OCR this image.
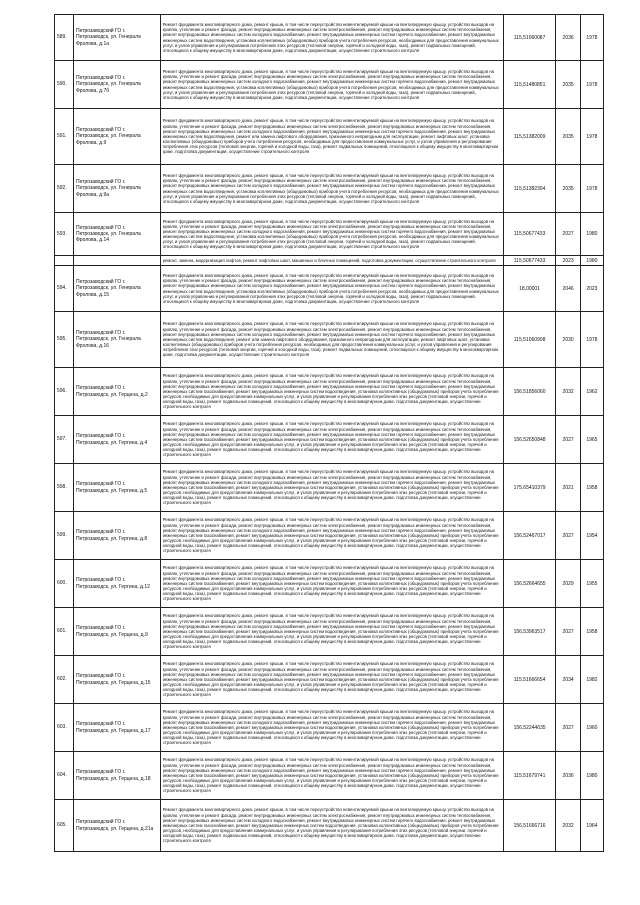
589.	Петрозаводский ГО г. Петрозаводск, ул. Генерала Фролова, д.1а	Ремонт фундамента многоквартирного дома, ремонт крыши, в том числе переустройство невентилируемой крыши на вентилируемую крышу, устройство выходов на кровлю, утепление и ремонт фасада, ремонт внутридомовых инженерных систем электроснабжения, ремонт внутридомовых инженерных систем теплоснабжения, ремонт внутридомовых инженерных систем холодного водоснабжения, ремонт внутридомовых инженерных систем горячего водоснабжения, ремонт внутридомовых инженерных систем водоотведения, установка коллективных (общедомовых) приборов учета потребления ресурсов, необходимых для предоставления коммунальных услуг, и узлов управления и регулирования потребления этих ресурсов (тепловой энергии, горячей и холодной воды, газа), ремонт подвальных помещений, относящихся к общему имуществу в многоквартирном доме, подготовка документации, осуществление строительного контроля	115,51060087	2036	1978
590.	Петрозаводский ГО г. Петрозаводск, ул. Генерала Фролова, д.7б	Ремонт фундамента многоквартирного дома, ремонт крыши, в том числе переустройство невентилируемой крыши на вентилируемую крышу, устройство выходов на кровлю, утепление и ремонт фасада, ремонт внутридомовых инженерных систем электроснабжения, ремонт внутридомовых инженерных систем теплоснабжения, ремонт внутридомовых инженерных систем холодного водоснабжения, ремонт внутридомовых инженерных систем горячего водоснабжения, ремонт внутридомовых инженерных систем водоотведения, установка коллективных (общедомовых) приборов учета потребления ресурсов, необходимых для предоставления коммунальных услуг, и узлов управления и регулирования потребления этих ресурсов (тепловой энергии, горячей и холодной воды, газа), ремонт подвальных помещений, относящихся к общему имуществу в многоквартирном доме, подготовка документации, осуществление строительного контроля	115,51480851	2035	1978
591.	Петрозаводский ГО г. Петрозаводск, ул. Генерала Фролова, д.9	Ремонт фундамента многоквартирного дома, ремонт крыши, в том числе переустройство невентилируемой крыши на вентилируемую крышу, устройство выходов на кровлю, утепление и ремонт фасада, ремонт внутридомовых инженерных систем электроснабжения, ремонт внутридомовых инженерных систем теплоснабжения, ремонт внутридомовых инженерных систем холодного водоснабжения, ремонт внутридомовых инженерных систем горячего водоснабжения, ремонт внутридомовых инженерных систем водоотведения, ремонт или замена лифтового оборудования, признанного непригодным для эксплуатации, ремонт лифтовых шахт, установка коллективных (общедомовых) приборов учета потребления ресурсов, необходимых для предоставления коммунальных услуг, и узлов управления и регулирования потребления этих ресурсов (тепловой энергии, горячей и холодной воды, газа), ремонт подвальных помещений, относящихся к общему имуществу в многоквартирном доме, подготовка документации, осуществление строительного контроля	115,51382009	2035	1978
592.	Петрозаводский ГО г. Петрозаводск, ул. Генерала Фролова, д.9а	Ремонт фундамента многоквартирного дома, ремонт крыши, в том числе переустройство невентилируемой крыши на вентилируемую крышу, устройство выходов на кровлю, утепление и ремонт фасада, ремонт внутридомовых инженерных систем электроснабжения, ремонт внутридомовых инженерных систем теплоснабжения, ремонт внутридомовых инженерных систем холодного водоснабжения, ремонт внутридомовых инженерных систем горячего водоснабжения, ремонт внутридомовых инженерных систем водоотведения, установка коллективных (общедомовых) приборов учета потребления ресурсов, необходимых для предоставления коммунальных услуг, и узлов управления и регулирования потребления этих ресурсов (тепловой энергии, горячей и холодной воды, газа), ремонт подвальных помещений, относящихся к общему имуществу в многоквартирном доме, подготовка документации, осуществление строительного контроля	115,51382304	2035	1978
593.	Петрозаводский ГО г. Петрозаводск, ул. Генерала Фролова, д.14	Ремонт фундамента многоквартирного дома, ремонт крыши, в том числе переустройство невентилируемой крыши на вентилируемую крышу, устройство выходов на кровлю, утепление и ремонт фасада, ремонт внутридомовых инженерных систем электроснабжения, ремонт внутридомовых инженерных систем теплоснабжения, ремонт внутридомовых инженерных систем холодного водоснабжения, ремонт внутридомовых инженерных систем горячего водоснабжения, ремонт внутридомовых инженерных систем водоотведения, установка коллективных (общедомовых) приборов учета потребления ресурсов, необходимых для предоставления коммунальных услуг, и узлов управления и регулирования потребления этих ресурсов (тепловой энергии, горячей и холодной воды, газа), ремонт подвальных помещений, относящихся к общему имуществу в многоквартирном доме, подготовка документации, осуществление строительного контроля	115,50677433	2027	1980

		ремонт, замена, модернизация лифтов, ремонт лифтовых шахт, машинных и блочных помещений, подготовка документации, осуществление строительного контроля	115,50677433	2023	1980
594.	Петрозаводский ГО г. Петрозаводск, ул. Генерала Фролова, д.15	Ремонт фундамента многоквартирного дома, ремонт крыши, в том числе переустройство невентилируемой крыши на вентилируемую крышу, устройство выходов на кровлю, утепление и ремонт фасада, ремонт внутридомовых инженерных систем электроснабжения, ремонт внутридомовых инженерных систем теплоснабжения, ремонт внутридомовых инженерных систем холодного водоснабжения, ремонт внутридомовых инженерных систем горячего водоснабжения, ремонт внутридомовых инженерных систем водоотведения, установка коллективных (общедомовых) приборов учета потребления ресурсов, необходимых для предоставления коммунальных услуг, и узлов управления и регулирования потребления этих ресурсов (тепловой энергии, горячей и холодной воды, газа), ремонт подвальных помещений, относящихся к общему имуществу в многоквартирном доме, подготовка документации, осуществление строительного контроля	18,00001	2046	2023
595.	Петрозаводский ГО г. Петрозаводск, ул. Генерала Фролова, д.16	Ремонт фундамента многоквартирного дома, ремонт крыши, в том числе переустройство невентилируемой крыши на вентилируемую крышу, устройство выходов на кровлю, утепление и ремонт фасада, ремонт внутридомовых инженерных систем электроснабжения, ремонт внутридомовых инженерных систем теплоснабжения, ремонт внутридомовых инженерных систем холодного водоснабжения, ремонт внутридомовых инженерных систем горячего водоснабжения, ремонт внутридомовых инженерных систем водоотведения, ремонт или замена лифтового оборудования, признанного непригодным для эксплуатации, ремонт лифтовых шахт, установка коллективных (общедомовых) приборов учета потребления ресурсов, необходимых для предоставления коммунальных услуг, и узлов управления и регулирования потребления этих ресурсов (тепловой энергии, горячей и холодной воды, газа), ремонт подвальных помещений, относящихся к общему имуществу в многоквартирном доме, подготовка документации, осуществление строительного контроля	115,51060908	2030	1978
596.	Петрозаводский ГО г. Петрозаводск, ул. Герцена, д.2	Ремонт фундамента многоквартирного дома, ремонт крыши, в том числе переустройство невентилируемой крыши на вентилируемую крышу, устройство выходов на кровлю, утепление и ремонт фасада, ремонт внутридомовых инженерных систем электроснабжения, ремонт внутридомовых инженерных систем теплоснабжения, ремонт внутридомовых инженерных систем холодного водоснабжения, ремонт внутридомовых инженерных систем горячего водоснабжения, ремонт внутридомовых инженерных систем газоснабжения, ремонт внутридомовых инженерных систем водоотведения, установка коллективных (общедомовых) приборов учета потребления ресурсов, необходимых для предоставления коммунальных услуг, и узлов управления и регулирования потребления этих ресурсов (тепловой энергии, горячей и холодной воды, газа), ремонт подвальных помещений, относящихся к общему имуществу в многоквартирном доме, подготовка документации, осуществление строительного контроля	156,51856060	2032	1962
597.	Петрозаводский ГО г. Петрозаводск, ул. Гертина, д.4	Ремонт фундамента многоквартирного дома, ремонт крыши, в том числе переустройство невентилируемой крыши на вентилируемую крышу, устройство выходов на кровлю, утепление и ремонт фасада, ремонт внутридомовых инженерных систем электроснабжения, ремонт внутридомовых инженерных систем теплоснабжения, ремонт внутридомовых инженерных систем холодного водоснабжения, ремонт внутридомовых инженерных систем горячего водоснабжения, ремонт внутридомовых инженерных систем газоснабжения, ремонт внутридомовых инженерных систем водоотведения, установка коллективных (общедомовых) приборов учета потребления ресурсов, необходимых для предоставления коммунальных услуг, и узлов управления и регулирования потребления этих ресурсов (тепловой энергии, горячей и холодной воды, газа), ремонт подвальных помещений, относящихся к общему имуществу в многоквартирном доме, подготовка документации, осуществление строительного контроля	156,52650848	2027	1965
598.	Петрозаводский ГО г. Петрозаводск, ул. Гертина, д.5	Ремонт фундамента многоквартирного дома, ремонт крыши, в том числе переустройство невентилируемой крыши на вентилируемую крышу, устройство выходов на кровлю, утепление и ремонт фасада, ремонт внутридомовых инженерных систем электроснабжения, ремонт внутридомовых инженерных систем теплоснабжения, ремонт внутридомовых инженерных систем холодного водоснабжения, ремонт внутридомовых инженерных систем горячего водоснабжения, ремонт внутридомовых инженерных систем газоснабжения, ремонт внутридомовых инженерных систем водоотведения, установка коллективных (общедомовых) приборов учета потребления ресурсов, необходимых для предоставления коммунальных услуг, и узлов управления и регулирования потребления этих ресурсов (тепловой энергии, горячей и холодной воды, газа), ремонт подвальных помещений, относящихся к общему имуществу в многоквартирном доме, подготовка документации, осуществление строительного контроля	175,65410379	2021	1958
599.	Петрозаводский ГО г. Петрозаводск, ул. Гертина, д.8	Ремонт фундамента многоквартирного дома, ремонт крыши, в том числе переустройство невентилируемой крыши на вентилируемую крышу, устройство выходов на кровлю, утепление и ремонт фасада, ремонт внутридомовых инженерных систем электроснабжения, ремонт внутридомовых инженерных систем теплоснабжения, ремонт внутридомовых инженерных систем холодного водоснабжения, ремонт внутридомовых инженерных систем горячего водоснабжения, ремонт внутридомовых инженерных систем газоснабжения, ремонт внутридомовых инженерных систем водоотведения, установка коллективных (общедомовых) приборов учета потребления ресурсов, необходимых для предоставления коммунальных услуг, и узлов управления и регулирования потребления этих ресурсов (тепловой энергии, горячей и холодной воды, газа), ремонт подвальных помещений, относящихся к общему имуществу в многоквартирном доме, подготовка документации, осуществление строительного контроля	156,52467017	2027	1954
600.	Петрозаводский ГО г. Петрозаводск, ул. Гертина, д.12	Ремонт фундамента многоквартирного дома, ремонт крыши, в том числе переустройство невентилируемой крыши на вентилируемую крышу, устройство выходов на кровлю, утепление и ремонт фасада, ремонт внутридомовых инженерных систем электроснабжения, ремонт внутридомовых инженерных систем теплоснабжения, ремонт внутридомовых инженерных систем холодного водоснабжения, ремонт внутридомовых инженерных систем горячего водоснабжения, ремонт внутридомовых инженерных систем газоснабжения, ремонт внутридомовых инженерных систем водоотведения, установка коллективных (общедомовых) приборов учета потребления ресурсов, необходимых для предоставления коммунальных услуг, и узлов управления и регулирования потребления этих ресурсов (тепловой энергии, горячей и холодной воды, газа), ремонт подвальных помещений, относящихся к общему имуществу в многоквартирном доме, подготовка документации, осуществление строительного контроля	156,52664655	2029	1955
601.	Петрозаводский ГО г. Петрозаводск, ул. Герцена, д.9	Ремонт фундамента многоквартирного дома, ремонт крыши, в том числе переустройство невентилируемой крыши на вентилируемую крышу, устройство выходов на кровлю, утепление и ремонт фасада, ремонт внутридомовых инженерных систем электроснабжения, ремонт внутридомовых инженерных систем теплоснабжения, ремонт внутридомовых инженерных систем холодного водоснабжения, ремонт внутридомовых инженерных систем горячего водоснабжения, ремонт внутридомовых инженерных систем газоснабжения, ремонт внутридомовых инженерных систем водоотведения, установка коллективных (общедомовых) приборов учета потребления ресурсов, необходимых для предоставления коммунальных услуг, и узлов управления и регулирования потребления этих ресурсов (тепловой энергии, горячей и холодной воды, газа), ремонт подвальных помещений, относящихся к общему имуществу в многоквартирном доме, подготовка документации, осуществление строительного контроля	156,53963517	2027	1958
602.	Петрозаводский ГО г. Петрозаводск, ул. Герцена, д.15	Ремонт фундамента многоквартирного дома, ремонт крыши, в том числе переустройство невентилируемой крыши на вентилируемую крышу, устройство выходов на кровлю, утепление и ремонт фасада, ремонт внутридомовых инженерных систем электроснабжения, ремонт внутридомовых инженерных систем теплоснабжения, ремонт внутридомовых инженерных систем холодного водоснабжения, ремонт внутридомовых инженерных систем горячего водоснабжения, ремонт внутридомовых инженерных систем газоснабжения, ремонт внутридомовых инженерных систем водоотведения, установка коллективных (общедомовых) приборов учета потребления ресурсов, необходимых для предоставления коммунальных услуг, и узлов управления и регулирования потребления этих ресурсов (тепловой энергии, горячей и холодной воды, газа), ремонт подвальных помещений, относящихся к общему имуществу в многоквартирном доме, подготовка документации, осуществление строительного контроля	115,51666654	2034	1982
603.	Петрозаводский ГО г. Петрозаводск, ул. Герцена, д.17	Ремонт фундамента многоквартирного дома, ремонт крыши, в том числе переустройство невентилируемой крыши на вентилируемую крышу, устройство выходов на кровлю, утепление и ремонт фасада, ремонт внутридомовых инженерных систем электроснабжения, ремонт внутридомовых инженерных систем теплоснабжения, ремонт внутридомовых инженерных систем холодного водоснабжения, ремонт внутридомовых инженерных систем горячего водоснабжения, ремонт внутридомовых инженерных систем газоснабжения, ремонт внутридомовых инженерных систем водоотведения, установка коллективных (общедомовых) приборов учета потребления ресурсов, необходимых для предоставления коммунальных услуг, и узлов управления и регулирования потребления этих ресурсов (тепловой энергии, горячей и холодной воды, газа), ремонт подвальных помещений, относящихся к общему имуществу в многоквартирном доме, подготовка документации, осуществление строительного контроля	156,52244635	2027	1960
604.	Петрозаводский ГО г. Петрозаводск, ул. Герцена, д.18	Ремонт фундамента многоквартирного дома, ремонт крыши, в том числе переустройство невентилируемой крыши на вентилируемую крышу, устройство выходов на кровлю, утепление и ремонт фасада, ремонт внутридомовых инженерных систем электроснабжения, ремонт внутридомовых инженерных систем теплоснабжения, ремонт внутридомовых инженерных систем холодного водоснабжения, ремонт внутридомовых инженерных систем горячего водоснабжения, ремонт внутридомовых инженерных систем газоснабжения, ремонт внутридомовых инженерных систем водоотведения, установка коллективных (общедомовых) приборов учета потребления ресурсов, необходимых для предоставления коммунальных услуг, и узлов управления и регулирования потребления этих ресурсов (тепловой энергии, горячей и холодной воды, газа), ремонт подвальных помещений, относящихся к общему имуществу в многоквартирном доме, подготовка документации, осуществление строительного контроля	115,51679741	2036	1980
605.	Петрозаводский ГО г. Петрозаводск, ул. Герцена, д.21а	Ремонт фундамента многоквартирного дома, ремонт крыши, в том числе переустройство невентилируемой крыши на вентилируемую крышу, устройство выходов на кровлю, утепление и ремонт фасада, ремонт внутридомовых инженерных систем электроснабжения, ремонт внутридомовых инженерных систем теплоснабжения, ремонт внутридомовых инженерных систем холодного водоснабжения, ремонт внутридомовых инженерных систем горячего водоснабжения, ремонт внутридомовых инженерных систем газоснабжения, ремонт внутридомовых инженерных систем водоотведения, установка коллективных (общедомовых) приборов учета потребления ресурсов, необходимых для предоставления коммунальных услуг, и узлов управления и регулирования потребления этих ресурсов (тепловой энергии, горячей и холодной воды, газа), ремонт подвальных помещений, относящихся к общему имуществу в многоквартирном доме, подготовка документации, осуществление строительного контроля	156,51666716	2032	1964
